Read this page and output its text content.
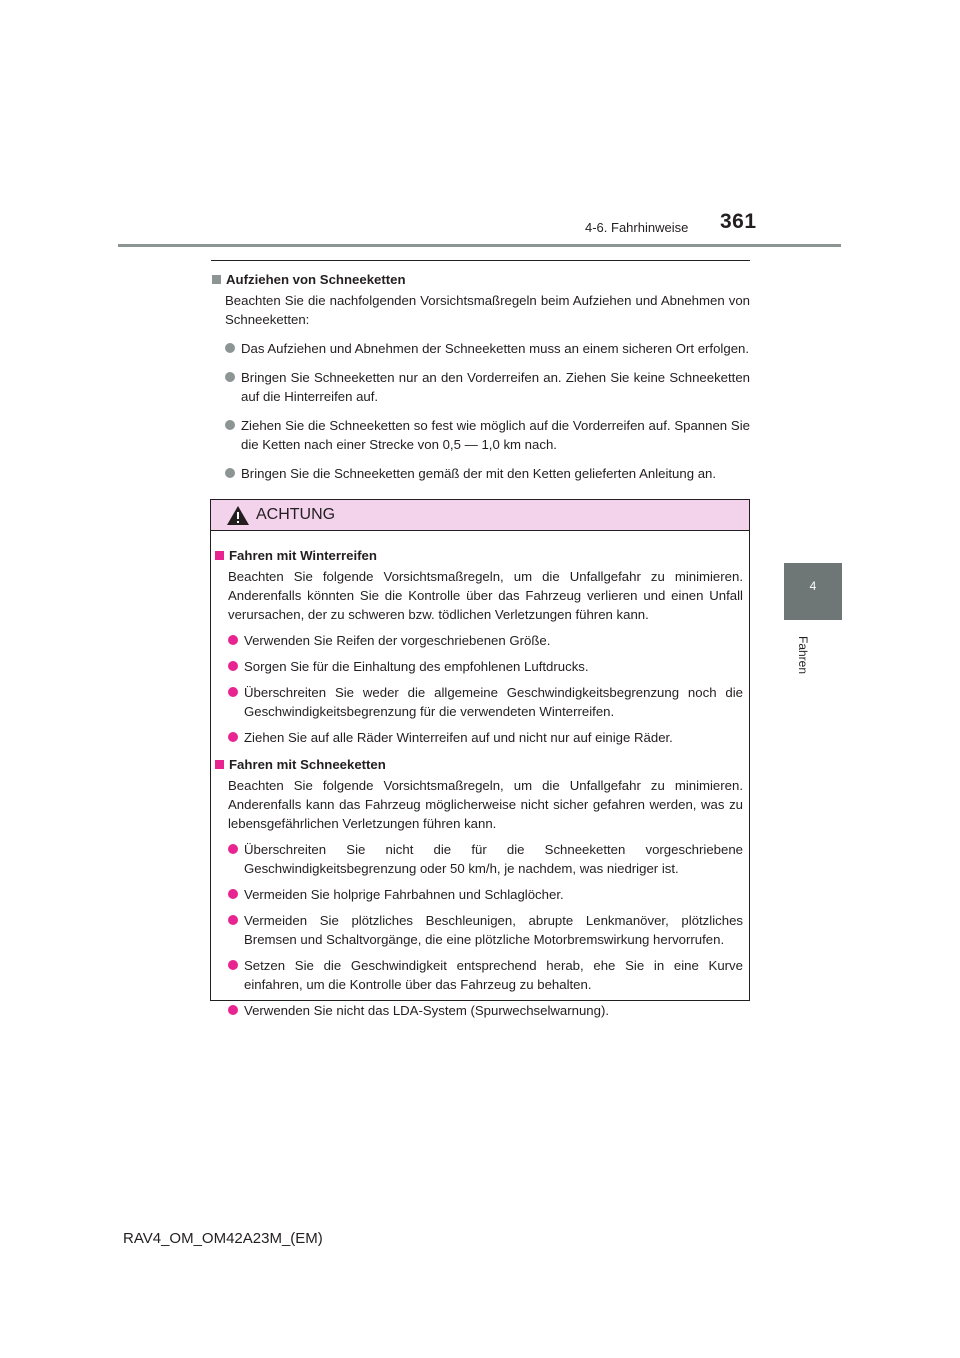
4-6. Fahrhinweise 361
4
Fahren
Aufziehen von Schneeketten
Beachten Sie die nachfolgenden Vorsichtsmaßregeln beim Aufziehen und Abnehmen von Schneeketten:
Das Aufziehen und Abnehmen der Schneeketten muss an einem sicheren Ort erfolgen.
Bringen Sie Schneeketten nur an den Vorderreifen an. Ziehen Sie keine Schneeketten auf die Hinterreifen auf.
Ziehen Sie die Schneeketten so fest wie möglich auf die Vorderreifen auf. Spannen Sie die Ketten nach einer Strecke von 0,5 — 1,0 km nach.
Bringen Sie die Schneeketten gemäß der mit den Ketten gelieferten Anleitung an.
ACHTUNG
Fahren mit Winterreifen
Beachten Sie folgende Vorsichtsmaßregeln, um die Unfallgefahr zu minimieren. Anderenfalls könnten Sie die Kontrolle über das Fahrzeug verlieren und einen Unfall verursachen, der zu schweren bzw. tödlichen Verletzungen führen kann.
Verwenden Sie Reifen der vorgeschriebenen Größe.
Sorgen Sie für die Einhaltung des empfohlenen Luftdrucks.
Überschreiten Sie weder die allgemeine Geschwindigkeitsbegrenzung noch die Geschwindigkeitsbegrenzung für die verwendeten Winterreifen.
Ziehen Sie auf alle Räder Winterreifen auf und nicht nur auf einige Räder.
Fahren mit Schneeketten
Beachten Sie folgende Vorsichtsmaßregeln, um die Unfallgefahr zu minimieren. Anderenfalls kann das Fahrzeug möglicherweise nicht sicher gefahren werden, was zu lebensgefährlichen Verletzungen führen kann.
Überschreiten Sie nicht die für die Schneeketten vorgeschriebene Geschwindigkeitsbegrenzung oder 50 km/h, je nachdem, was niedriger ist.
Vermeiden Sie holprige Fahrbahnen und Schlaglöcher.
Vermeiden Sie plötzliches Beschleunigen, abrupte Lenkmanöver, plötzliches Bremsen und Schaltvorgänge, die eine plötzliche Motorbremswirkung hervorrufen.
Setzen Sie die Geschwindigkeit entsprechend herab, ehe Sie in eine Kurve einfahren, um die Kontrolle über das Fahrzeug zu behalten.
Verwenden Sie nicht das LDA-System (Spurwechselwarnung).
RAV4_OM_OM42A23M_(EM)
